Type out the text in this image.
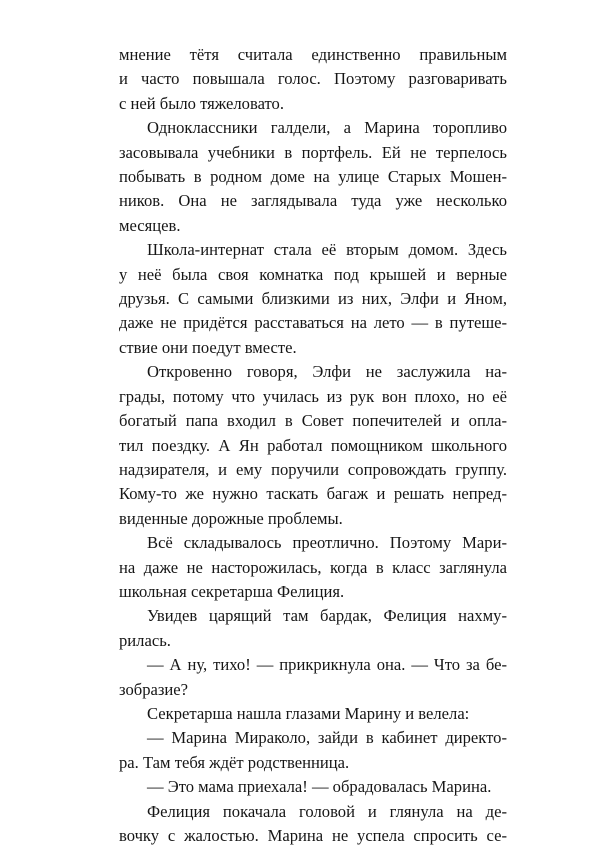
мнение тётя считала единственно правильным
и часто повышала голос. Поэтому разговаривать
с ней было тяжеловато.

Одноклассники галдели, а Марина торопливо
засовывала учебники в портфель. Ей не терпелось
побывать в родном доме на улице Старых Мошен-
ников. Она не заглядывала туда уже несколько
месяцев.

Школа-интернат стала её вторым домом. Здесь
у неё была своя комнатка под крышей и верные
друзья. С самыми близкими из них, Элфи и Яном,
даже не придётся расставаться на лето — в путеше-
ствие они поедут вместе.

Откровенно говоря, Элфи не заслужила на-
грады, потому что училась из рук вон плохо, но её
богатый папа входил в Совет попечителей и опла-
тил поездку. А Ян работал помощником школьного
надзирателя, и ему поручили сопровождать группу.
Кому-то же нужно таскать багаж и решать непред-
виденные дорожные проблемы.

Всё складывалось преотлично. Поэтому Мари-
на даже не насторожилась, когда в класс заглянула
школьная секретарша Фелиция.

Увидев царящий там бардак, Фелиция нахму-
рилась.

— А ну, тихо! — прикрикнула она. — Что за бе-
зобразие?

Секретарша нашла глазами Марину и велела:

— Марина Мираколо, зайди в кабинет директо-
ра. Там тебя ждёт родственница.

— Это мама приехала! — обрадовалась Марина.

Фелиция покачала головой и глянула на де-
вочку с жалостью. Марина не успела спросить се-
